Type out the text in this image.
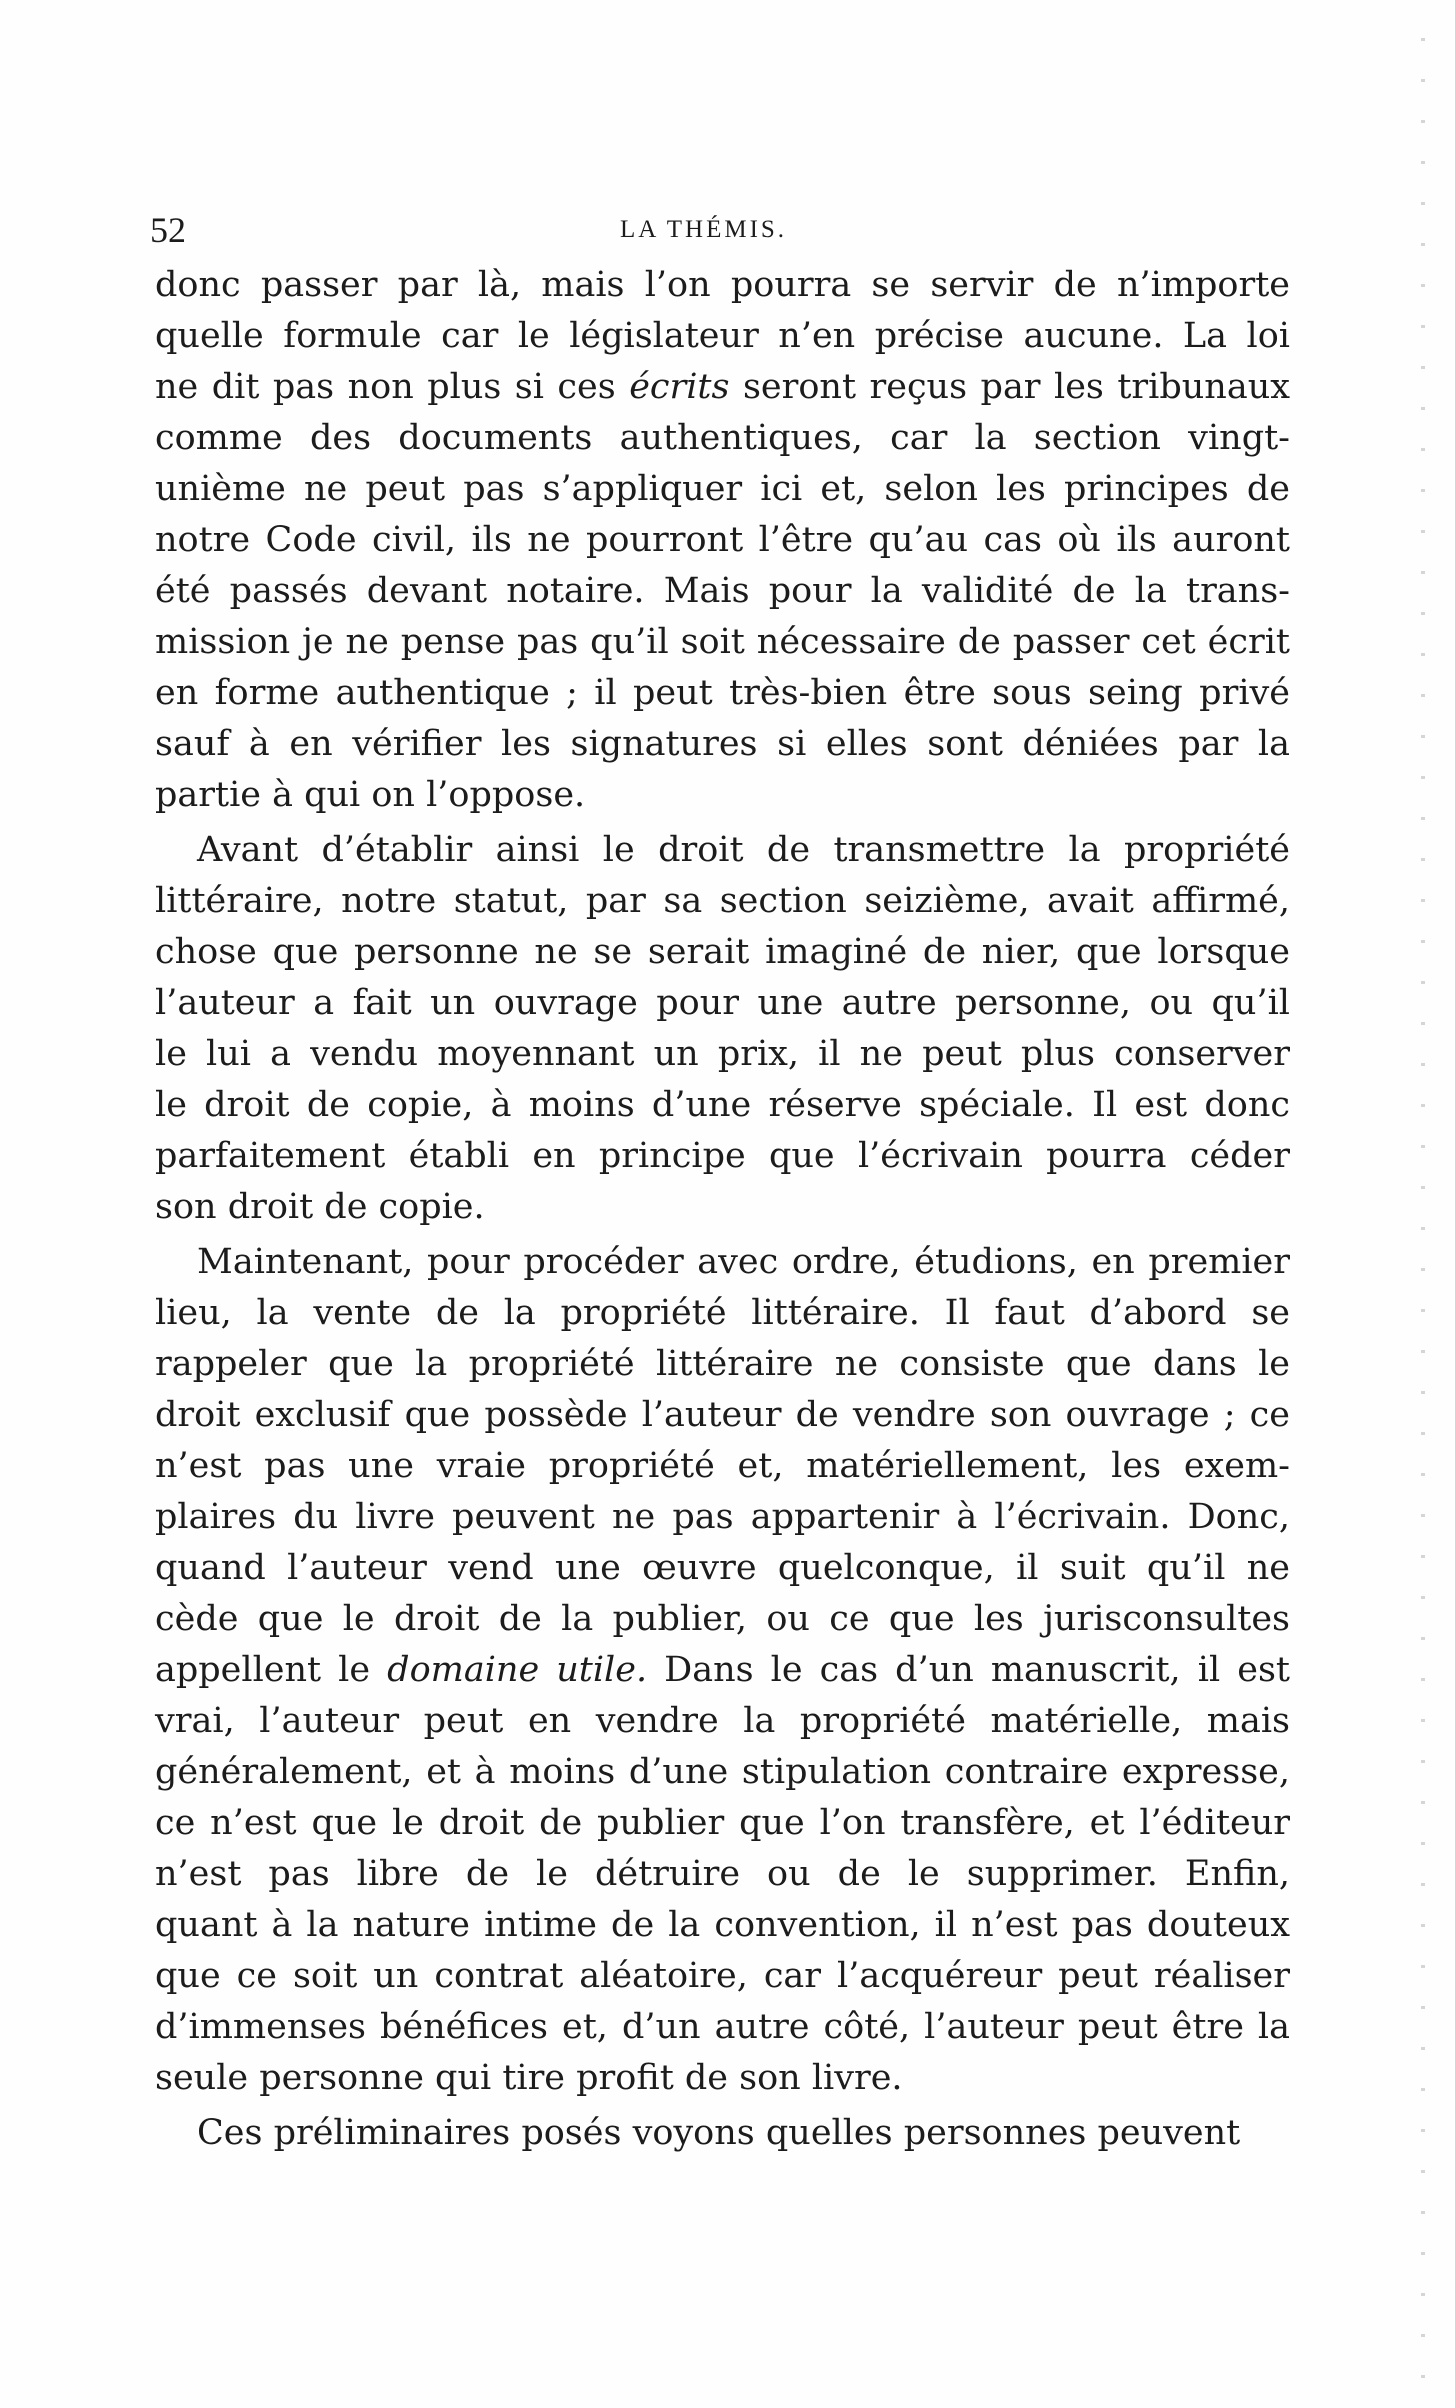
52	LA THÉMIS.
donc passer par là, mais l’on pourra se servir de n’importe
quelle formule car le législateur n’en précise aucune. La loi
ne dit pas non plus si ces écrits seront reçus par les tribunaux
comme des documents authentiques, car la section vingt-
unième ne peut pas s’appliquer ici et, selon les principes de
notre Code civil, ils ne pourront l’être qu’au cas où ils auront
été passés devant notaire. Mais pour la validité de la trans-
mission je ne pense pas qu’il soit nécessaire de passer cet écrit
en forme authentique ; il peut très-bien être sous seing privé
sauf à en vérifier les signatures si elles sont déniées par la
partie à qui on l’oppose.
Avant d’établir ainsi le droit de transmettre la propriété
littéraire, notre statut, par sa section seizième, avait affirmé,
chose que personne ne se serait imaginé de nier, que lorsque
l’auteur a fait un ouvrage pour une autre personne, ou qu’il
le lui a vendu moyennant un prix, il ne peut plus conserver
le droit de copie, à moins d’une réserve spéciale. Il est donc
parfaitement établi en principe que l’écrivain pourra céder
son droit de copie.
Maintenant, pour procéder avec ordre, étudions, en premier
lieu, la vente de la propriété littéraire. Il faut d’abord se
rappeler que la propriété littéraire ne consiste que dans le
droit exclusif que possède l’auteur de vendre son ouvrage ; ce
n’est pas une vraie propriété et, matériellement, les exem-
plaires du livre peuvent ne pas appartenir à l’écrivain. Donc,
quand l’auteur vend une œuvre quelconque, il suit qu’il ne
cède que le droit de la publier, ou ce que les jurisconsultes
appellent le domaine utile. Dans le cas d’un manuscrit, il est
vrai, l’auteur peut en vendre la propriété matérielle, mais
généralement, et à moins d’une stipulation contraire expresse,
ce n’est que le droit de publier que l’on transfère, et l’éditeur
n’est pas libre de le détruire ou de le supprimer. Enfin,
quant à la nature intime de la convention, il n’est pas douteux
que ce soit un contrat aléatoire, car l’acquéreur peut réaliser
d’immenses bénéfices et, d’un autre côté, l’auteur peut être la
seule personne qui tire profit de son livre.
Ces préliminaires posés voyons quelles personnes peuvent
